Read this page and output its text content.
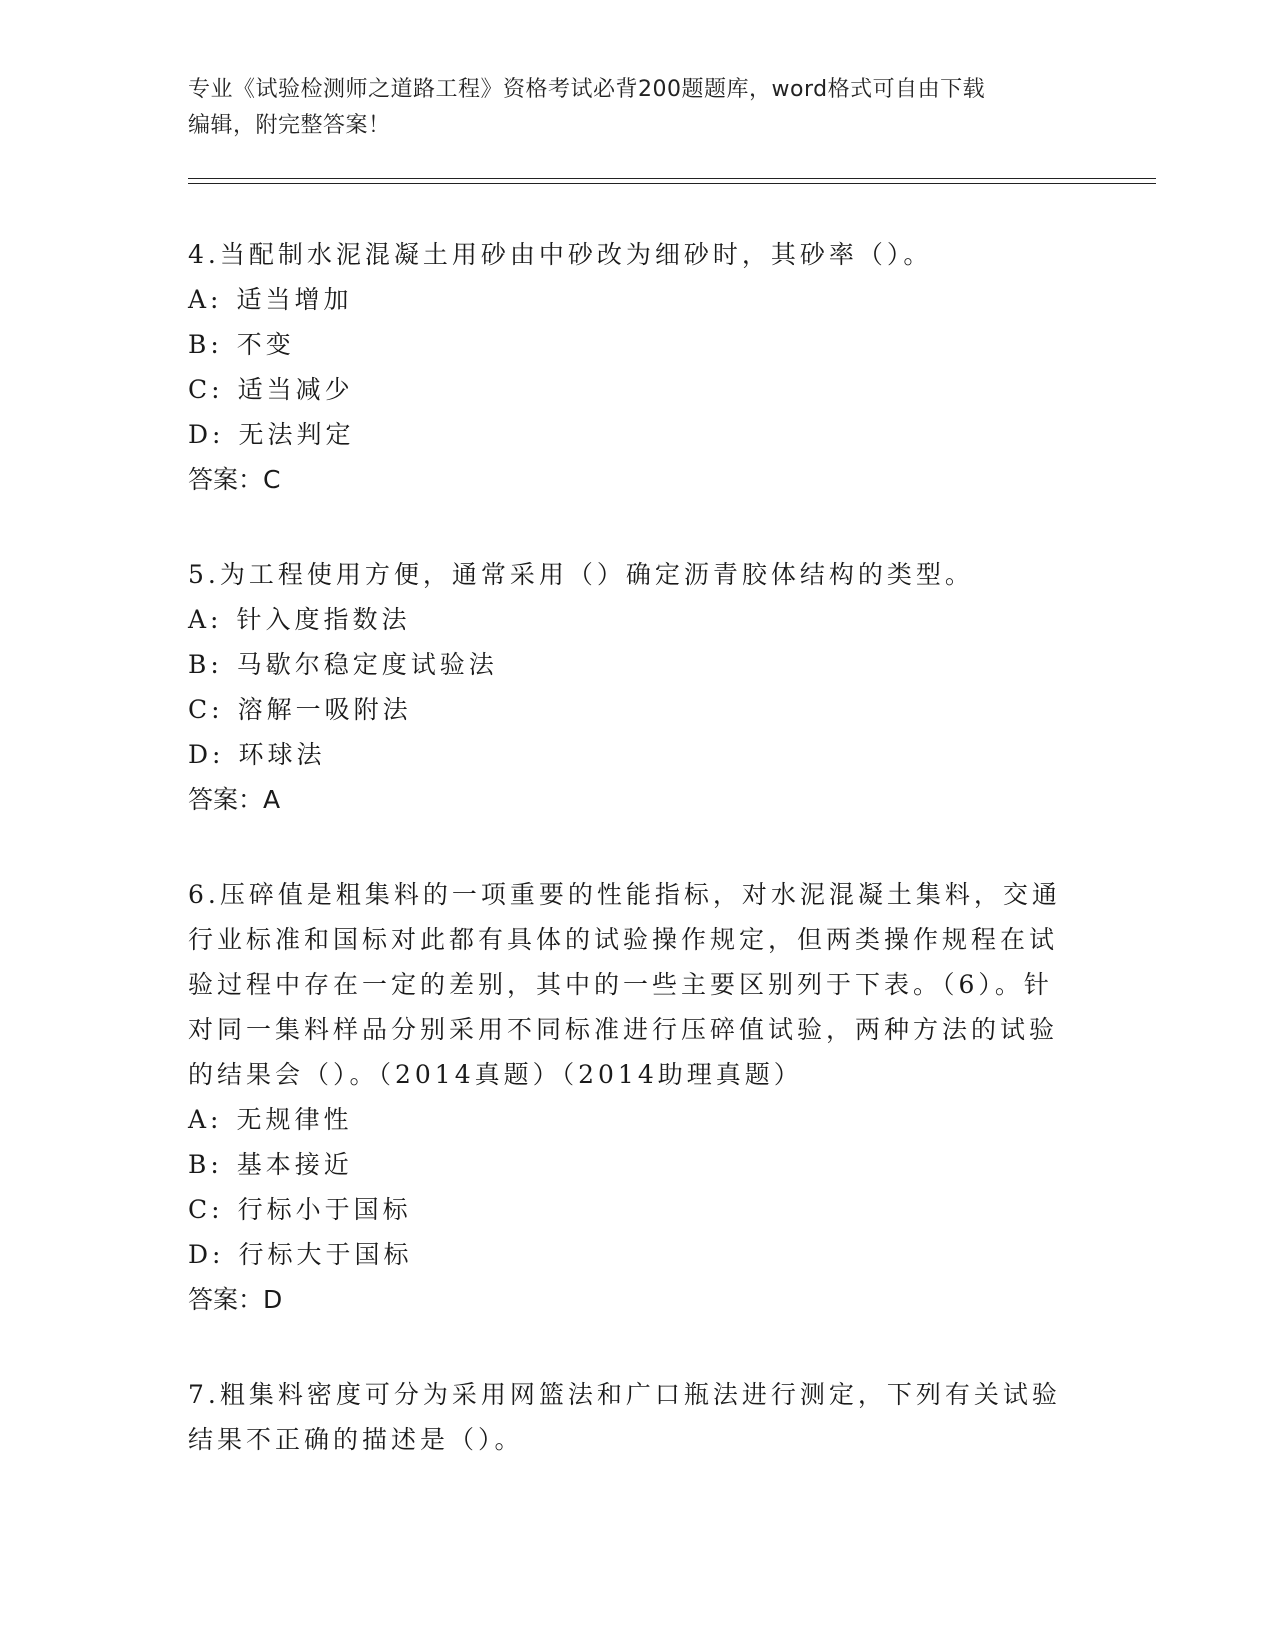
专业《试验检测师之道路工程》资格考试必背200题题库，word格式可自由下载
编辑，附完整答案！

4.当配制水泥混凝土用砂由中砂改为细砂时，其砂率（）。

A: 适当增加

B: 不变

C: 适当减少

D: 无法判定

答案：C

5.为工程使用方便，通常采用（）确定沥青胶体结构的类型。

A: 针入度指数法

B: 马歇尔稳定度试验法

C: 溶解一吸附法

D: 环球法

答案：A

6.压碎值是粗集料的一项重要的性能指标，对水泥混凝土集料，交通

行业标准和国标对此都有具体的试验操作规定，但两类操作规程在试

验过程中存在一定的差别，其中的一些主要区别列于下表。（6）。针

对同一集料样品分别采用不同标准进行压碎值试验，两种方法的试验

的结果会（）。（2014真题）（2014助理真题）

A: 无规律性

B: 基本接近

C: 行标小于国标

D: 行标大于国标

答案：D

7.粗集料密度可分为采用网篮法和广口瓶法进行测定，下列有关试验

结果不正确的描述是（）。
